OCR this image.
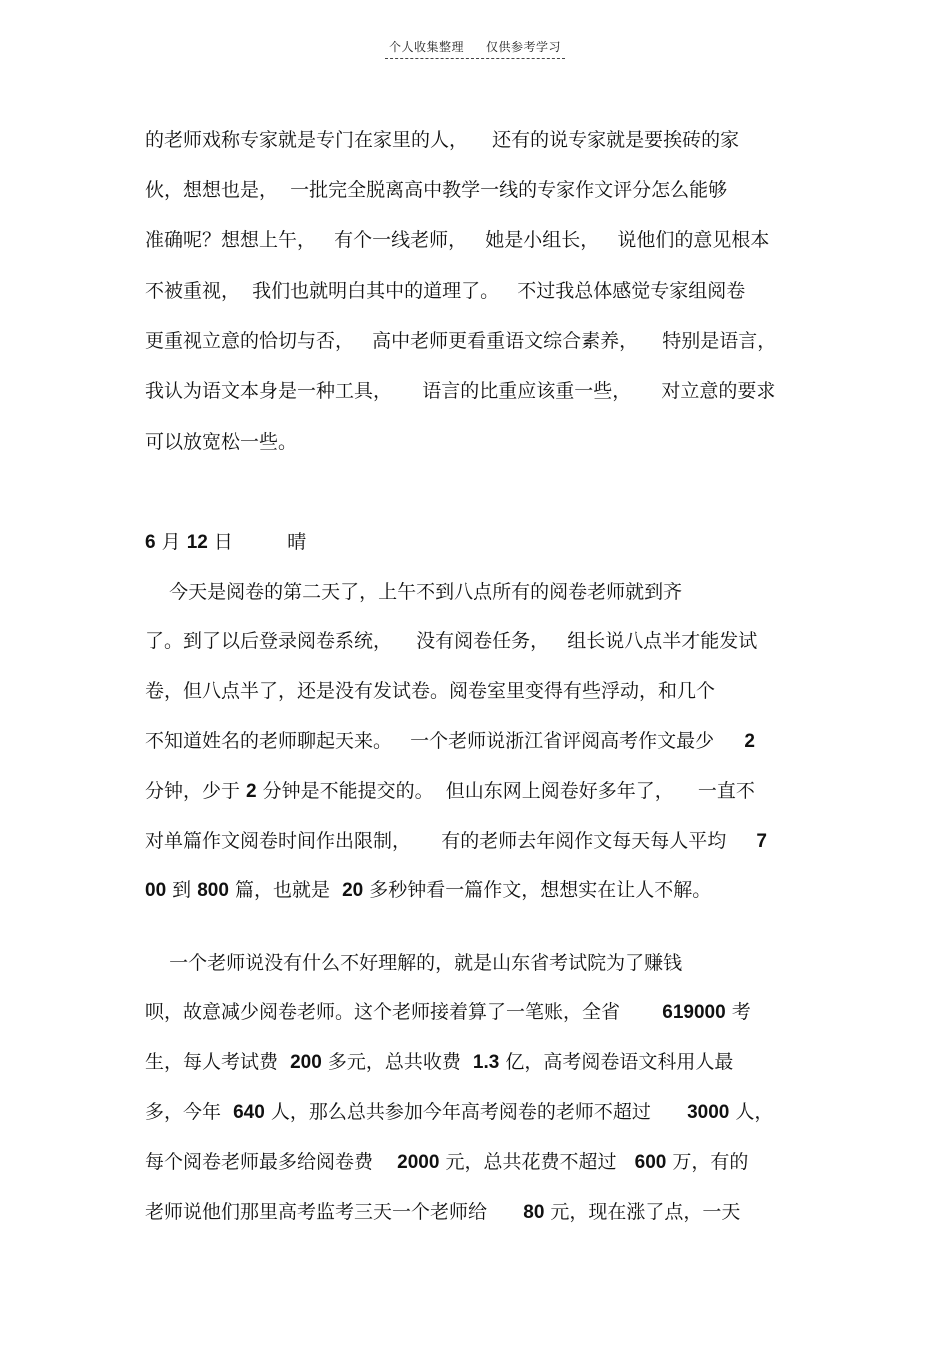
个人收集整理 仅供参考学习
的老师戏称专家就是专门在家里的人，    还有的说专家就是要挨砖的家
伙，想想也是，  一批完全脱离高中教学一线的专家作文评分怎么能够
准确呢？想想上午，   有个一线老师，   她是小组长，   说他们的意见根本
不被重视，  我们也就明白其中的道理了。   不过我总体感觉专家组阅卷
更重视立意的恰切与否，   高中老师更看重语文综合素养，    特别是语言，
我认为语文本身是一种工具，     语言的比重应该重一些，     对立意的要求
可以放宽松一些。
6 月 12 日	晴
今天是阅卷的第二天了，上午不到八点所有的阅卷老师就到齐
了。到了以后登录阅卷系统，    没有阅卷任务，   组长说八点半才能发试
卷，但八点半了，还是没有发试卷。阅卷室里变得有些浮动，和几个
不知道姓名的老师聊起天来。   一个老师说浙江省评阅高考作文最少     2
分钟，少于 2 分钟是不能提交的。  但山东网上阅卷好多年了，    一直不
对单篇作文阅卷时间作出限制，     有的老师去年阅作文每天每人平均     7
00 到 800 篇，也就是  20 多秒钟看一篇作文，想想实在让人不解。
一个老师说没有什么不好理解的，就是山东省考试院为了赚钱
呗，故意减少阅卷老师。这个老师接着算了一笔账，全省       619000 考
生，每人考试费  200 多元，总共收费  1.3 亿，高考阅卷语文科用人最
多，今年  640 人，那么总共参加今年高考阅卷的老师不超过      3000 人，
每个阅卷老师最多给阅卷费    2000 元，总共花费不超过   600 万，有的
老师说他们那里高考监考三天一个老师给      80 元，现在涨了点，一天
